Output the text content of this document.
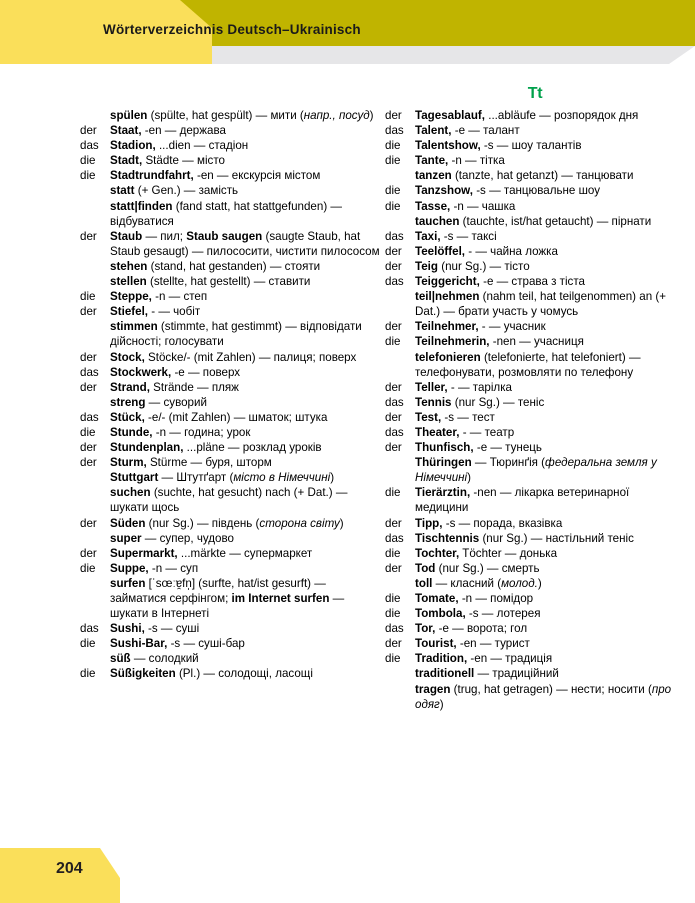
Wörterverzeichnis Deutsch–Ukrainisch
spülen (spülte, hat gespült) — мити (напр., посуд)
der	Staat, -en — держава
das Stadion, ...dien — стадіон
die	Stadt, Städte — місто
die	Stadtrundfahrt, -en — екскурсія містом
statt (+ Gen.) — замість
statt|finden (fand statt, hat stattgefunden) — відбуватися
der	Staub — пил; Staub saugen (saugte Staub, hat Staub gesaugt) — пилососити, чистити пилососом
stehen (stand, hat gestanden) — стояти
stellen (stellte, hat gestellt) — ставити
die	Steppe, -n — степ
der	Stiefel, - — чобіт
stimmen (stimmte, hat gestimmt) — відповідати дійсності; голосувати
der	Stock, Stöcke/- (mit Zahlen) — палиця; поверх
das Stockwerk, -e — поверх
der	Strand, Strände — пляж
streng — суворий
das Stück, -e/- (mit Zahlen) — шматок; штука
die	Stunde, -n — година; урок
der	Stundenplan, ...pläne — розклад уроків
der	Sturm, Stürme — буря, шторм
Stuttgart — Штутґарт (місто в Німеччині)
suchen (suchte, hat gesucht) nach (+ Dat.) — шукати щось
der	Süden (nur Sg.) — південь (сторона світу)
super — супер, чудово
der	Supermarkt, ...märkte — супермаркет
die	Suppe, -n — суп
surfen [ˈsœːɐ̯fn̩] (surfte, hat/ist gesurft) — займатися серфінгом; im Internet surfen — шукати в Інтернеті
das Sushi, -s — суші
die	Sushi-Bar, -s — суші-бар
süß — солодкий
die	Süßigkeiten (Pl.) — солодощі, ласощі
Tt
der	Tagesablauf, ...abläufe — розпорядок дня
das Talent, -e — талант
die	Talentshow, -s — шоу талантів
die	Tante, -n — тітка
tanzen (tanzte, hat getanzt) — танцювати
die	Tanzshow, -s — танцювальне шоу
die	Tasse, -n — чашка
tauchen (tauchte, ist/hat getaucht) — пірнати
das Taxi, -s — таксі
der	Teelöffel, - — чайна ложка
der	Teig (nur Sg.) — тісто
das Teiggericht, -e — страва з тіста
teil|nehmen (nahm teil, hat teilgenommen) an (+ Dat.) — брати участь у чомусь
der	Teilnehmer, - — учасник
die	Teilnehmerin, -nen — учасниця
telefonieren (telefonierte, hat telefoniert) — телефонувати, розмовляти по телефону
der	Teller, - — тарілка
das Tennis (nur Sg.) — теніс
der	Test, -s — тест
das Theater, - — театр
der	Thunfisch, -e — тунець
Thüringen — Тюринґія (федеральна земля у Німеччині)
die	Tierärztin, -nen — лікарка ветеринарної медицини
der	Tipp, -s — порада, вказівка
das Tischtennis (nur Sg.) — настільний теніс
die	Tochter, Töchter — донька
der	Tod (nur Sg.) — смерть
toll — класний (молод.)
die	Tomate, -n — помідор
die	Tombola, -s — лотерея
das Tor, -e — ворота; гол
der	Tourist, -en — турист
die	Tradition, -en — традиція
traditionell — традиційний
tragen (trug, hat getragen) — нести; носити (про одяг)
204
